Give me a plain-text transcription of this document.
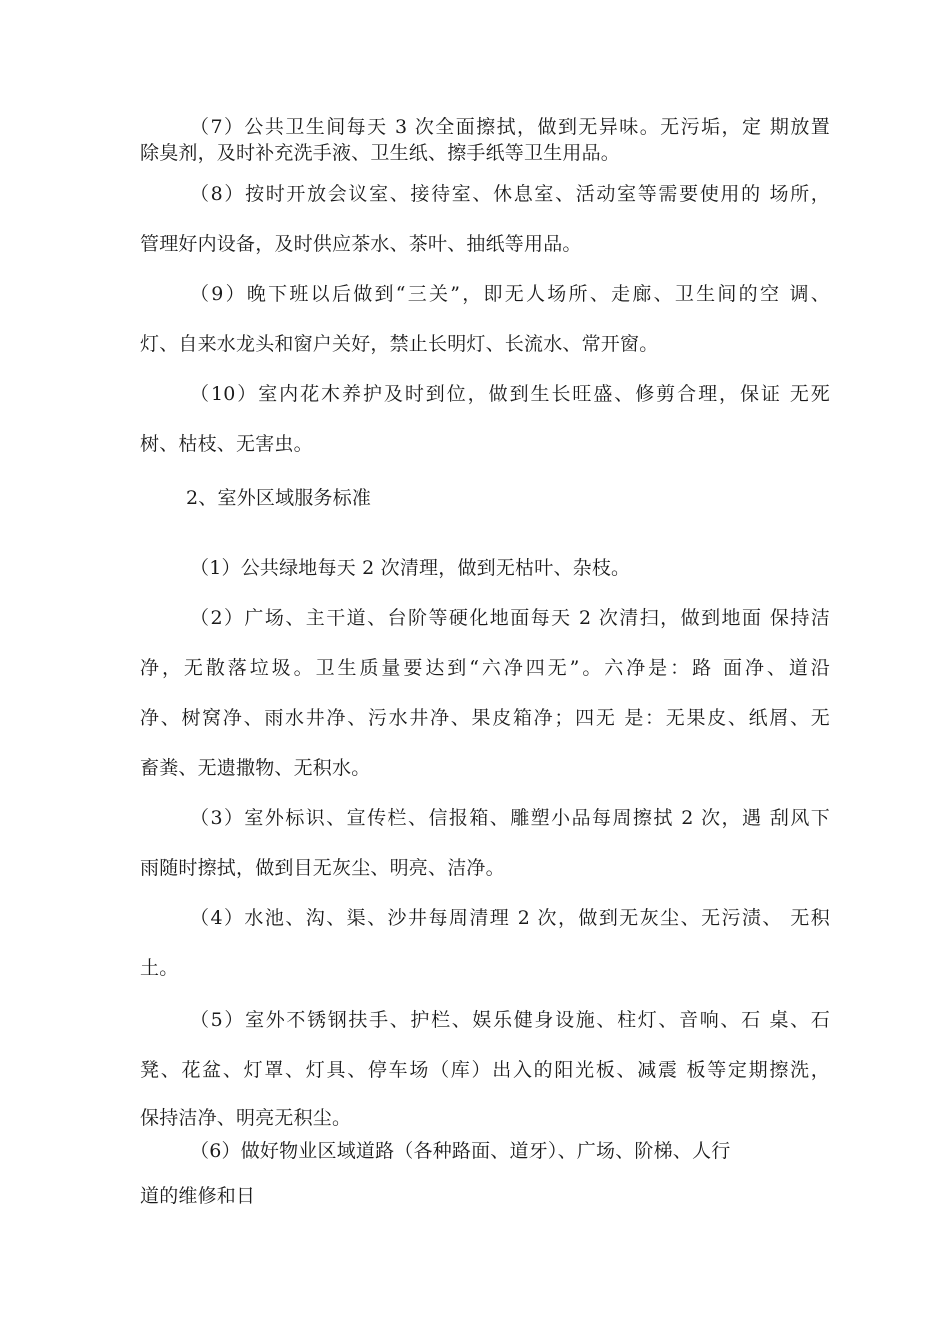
（7）公共卫生间每天 3 次全面擦拭，做到无异味。无污垢，定 期放置
除臭剂，及时补充洗手液、卫生纸、擦手纸等卫生用品。
（8）按时开放会议室、接待室、休息室、活动室等需要使用的 场所，
管理好内设备，及时供应茶水、茶叶、抽纸等用品。
（9）晚下班以后做到“三关”，即无人场所、走廊、卫生间的空 调、
灯、自来水龙头和窗户关好，禁止长明灯、长流水、常开窗。
（10）室内花木养护及时到位，做到生长旺盛、修剪合理，保证 无死
树、枯枝、无害虫。
2、室外区域服务标准
（1）公共绿地每天 2 次清理，做到无枯叶、杂枝。
（2）广场、主干道、台阶等硬化地面每天 2 次清扫，做到地面 保持洁
净，无散落垃圾。卫生质量要达到“六净四无”。六净是：路 面净、道沿
净、树窝净、雨水井净、污水井净、果皮箱净；四无 是：无果皮、纸屑、无
畜粪、无遗撒物、无积水。
（3）室外标识、宣传栏、信报箱、雕塑小品每周擦拭 2 次，遇 刮风下
雨随时擦拭，做到目无灰尘、明亮、洁净。
（4）水池、沟、渠、沙井每周清理 2 次，做到无灰尘、无污渍、 无积
土。
（5）室外不锈钢扶手、护栏、娱乐健身设施、柱灯、音响、石 桌、石
凳、花盆、灯罩、灯具、停车场（库）出入的阳光板、减震 板等定期擦洗，
保持洁净、明亮无积尘。
（6）做好物业区域道路（各种路面、道牙）、广场、阶梯、人行
道的维修和日
